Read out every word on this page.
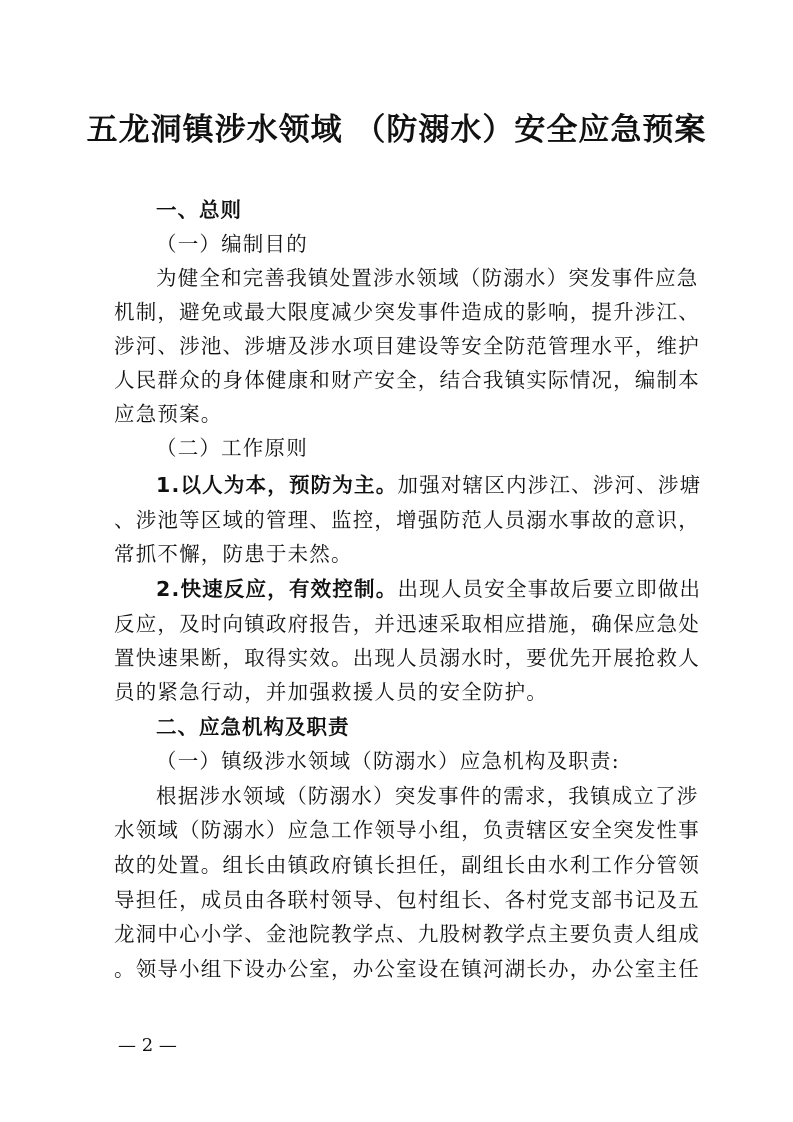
五龙洞镇涉水领域 （防溺水）安全应急预案
一、总则
（一）编制目的
为健全和完善我镇处置涉水领域（防溺水）突发事件应急
机制，避免或最大限度减少突发事件造成的影响，提升涉江、
涉河、涉池、涉塘及涉水项目建设等安全防范管理水平，维护
人民群众的身体健康和财产安全，结合我镇实际情况，编制本
应急预案。
（二）工作原则
1.以人为本，预防为主。加强对辖区内涉江、涉河、涉塘
、涉池等区域的管理、监控，增强防范人员溺水事故的意识，
常抓不懈，防患于未然。
2.快速反应，有效控制。出现人员安全事故后要立即做出
反应，及时向镇政府报告，并迅速采取相应措施，确保应急处
置快速果断，取得实效。出现人员溺水时，要优先开展抢救人
员的紧急行动，并加强救援人员的安全防护。
二、应急机构及职责
（一）镇级涉水领域（防溺水）应急机构及职责:
根据涉水领域（防溺水）突发事件的需求，我镇成立了涉
水领域（防溺水）应急工作领导小组，负责辖区安全突发性事
故的处置。组长由镇政府镇长担任，副组长由水利工作分管领
导担任，成员由各联村领导、包村组长、各村党支部书记及五
龙洞中心小学、金池院教学点、九股树教学点主要负责人组成
。领导小组下设办公室，办公室设在镇河湖长办，办公室主任
— 2 —
